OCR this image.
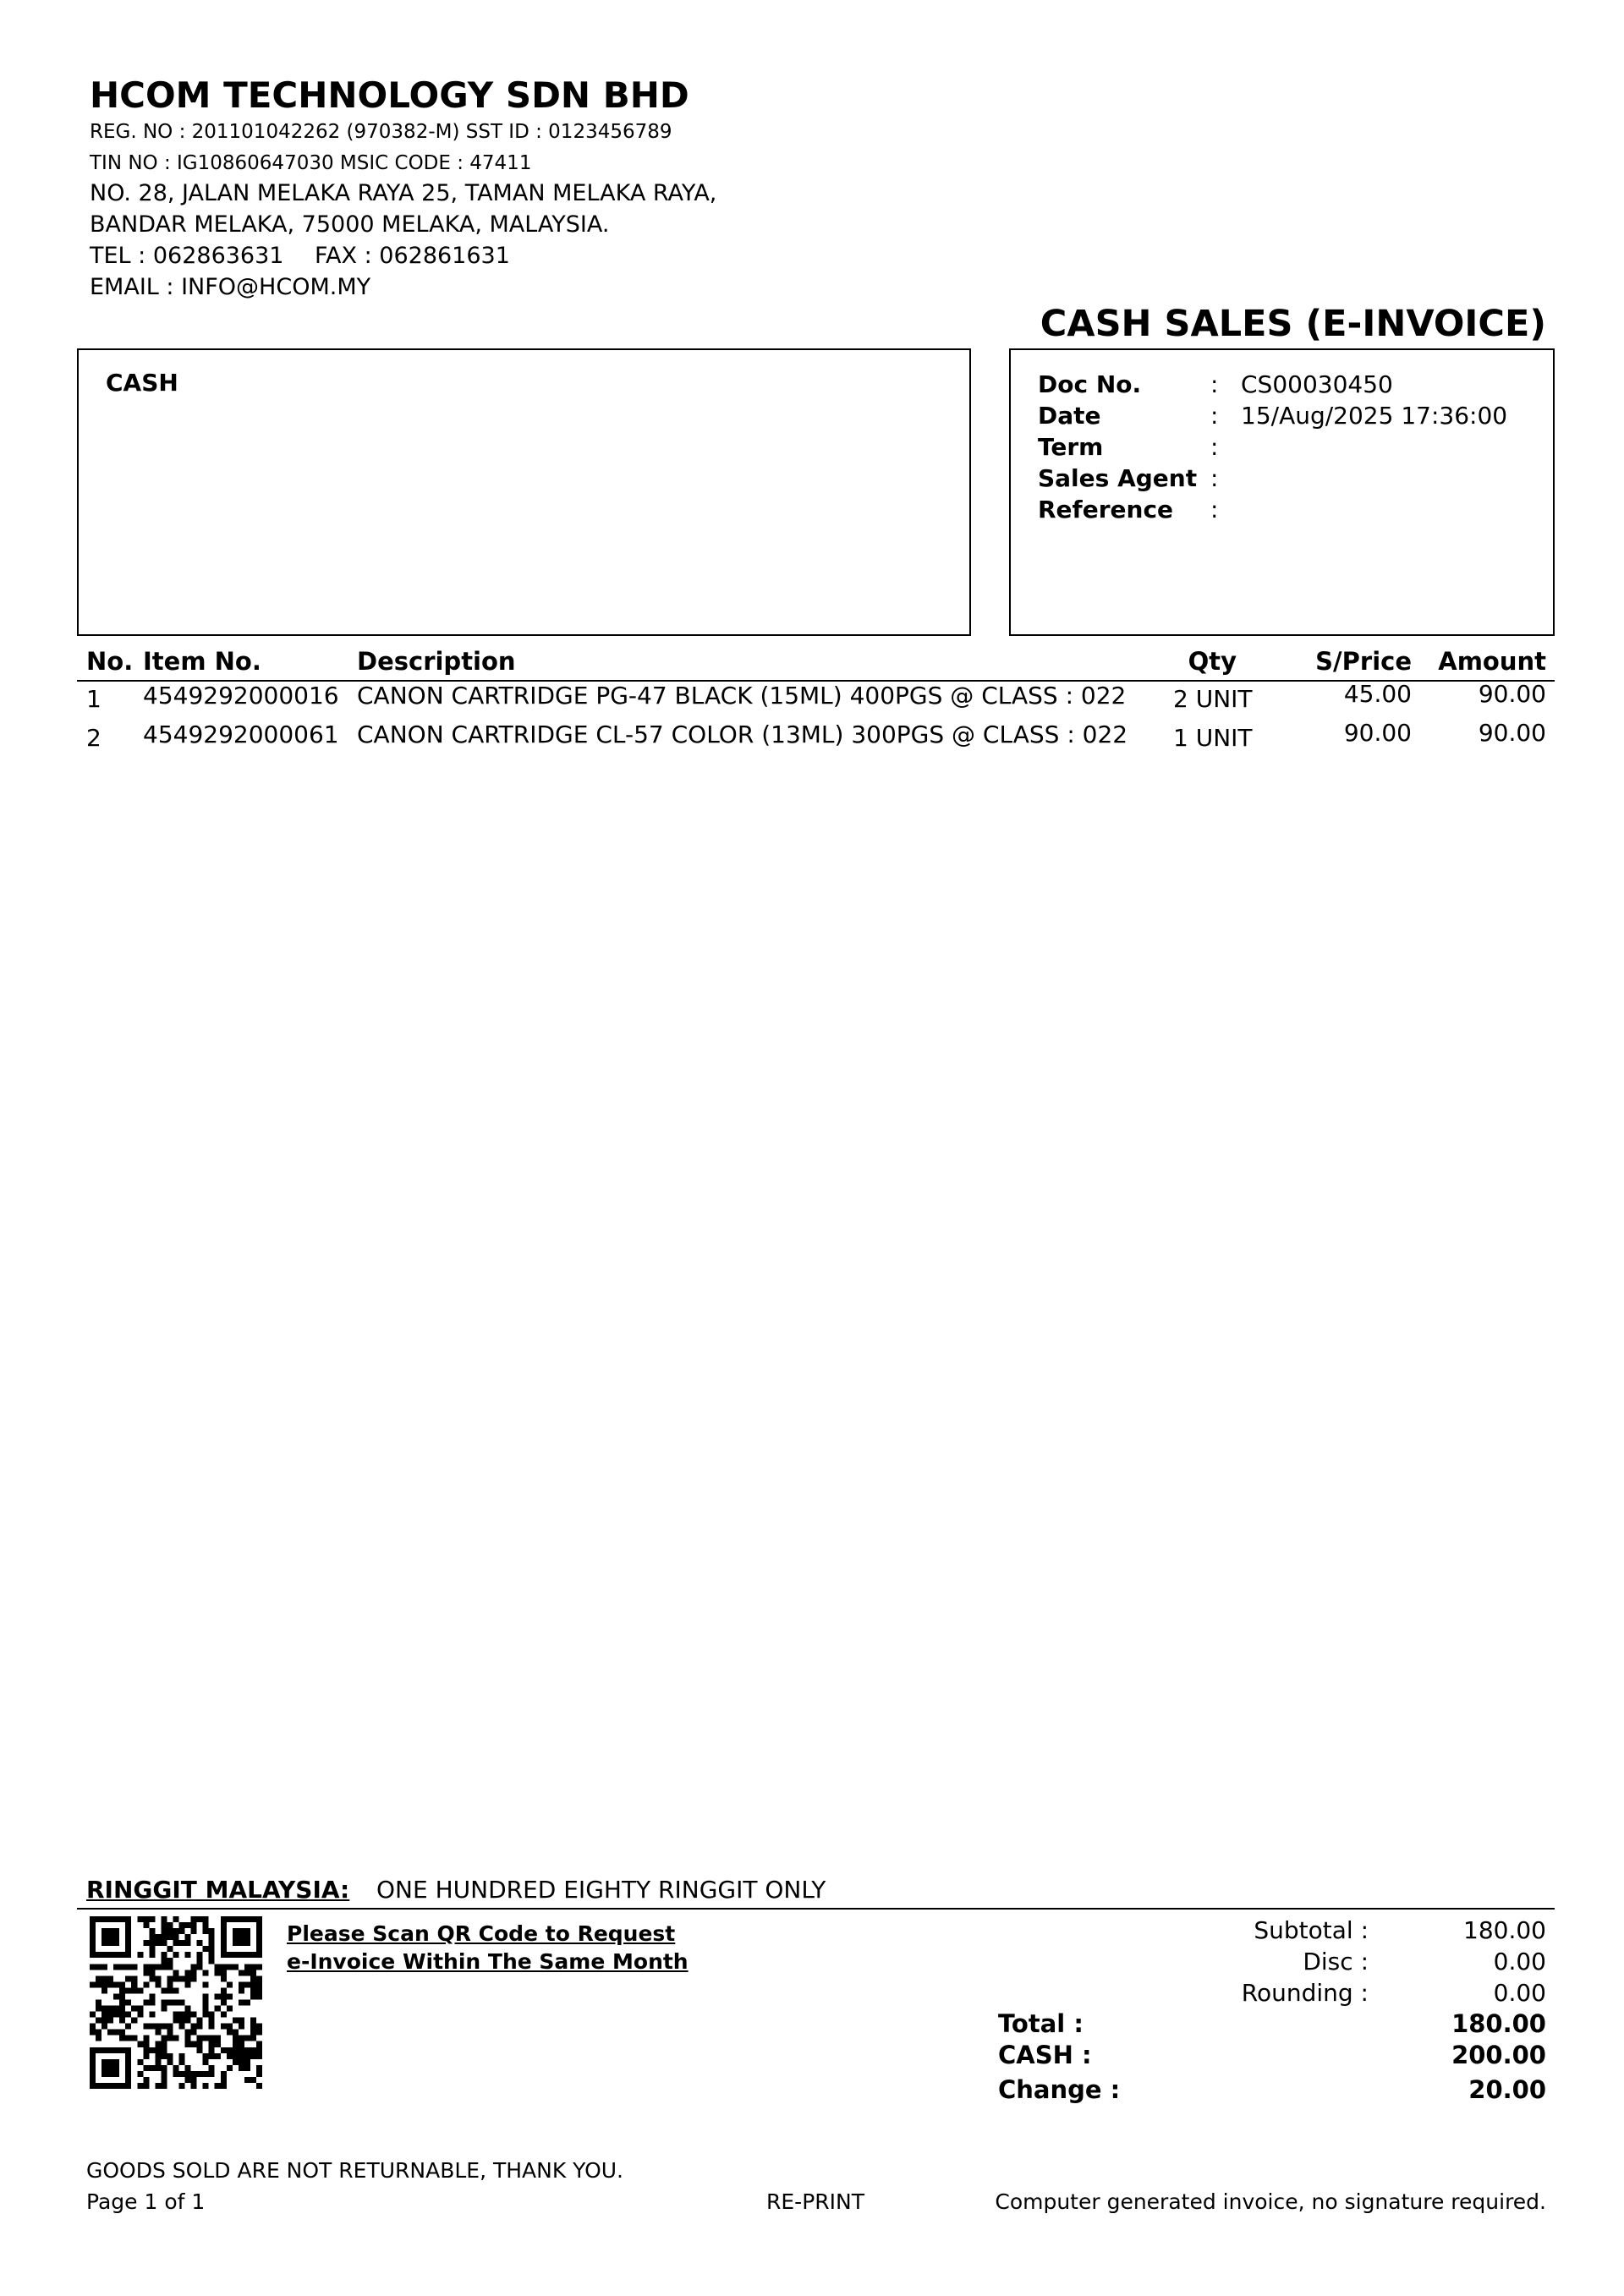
HCOM TECHNOLOGY SDN BHD
REG. NO : 201101042262 (970382-M) SST ID : 0123456789
TIN NO : IG10860647030 MSIC CODE : 47411
NO. 28, JALAN MELAKA RAYA 25, TAMAN MELAKA RAYA,
BANDAR MELAKA, 75000 MELAKA, MALAYSIA.
TEL : 062863631 FAX : 062861631
EMAIL : INFO@HCOM.MY
CASH SALES (E-INVOICE)
CASH	Doc No.	: CS00030450
Date	: 15/Aug/2025 17:36:00
Term	:
Sales Agent :
Reference :
No. Item No.	Description	Qty	S/Price Amount
1 4549292000016 CANON CARTRIDGE PG-47 BLACK (15ML) 400PGS @ CLASS : 022 2 UNIT	45.00	90.00
2 4549292000061 CANON CARTRIDGE CL-57 COLOR (13ML) 300PGS @ CLASS : 022 1 UNIT	90.00	90.00
RINGGIT MALAYSIA: ONE HUNDRED EIGHTY RINGGIT ONLY
Please Scan QR Code to Request
e-Invoice Within The Same Month
Subtotal :	180.00
Disc :	0.00
Rounding :	0.00
Total :	180.00
CASH :	200.00
Change :	20.00
GOODS SOLD ARE NOT RETURNABLE, THANK YOU.
Page 1 of 1	RE-PRINT	Computer generated invoice, no signature required.
